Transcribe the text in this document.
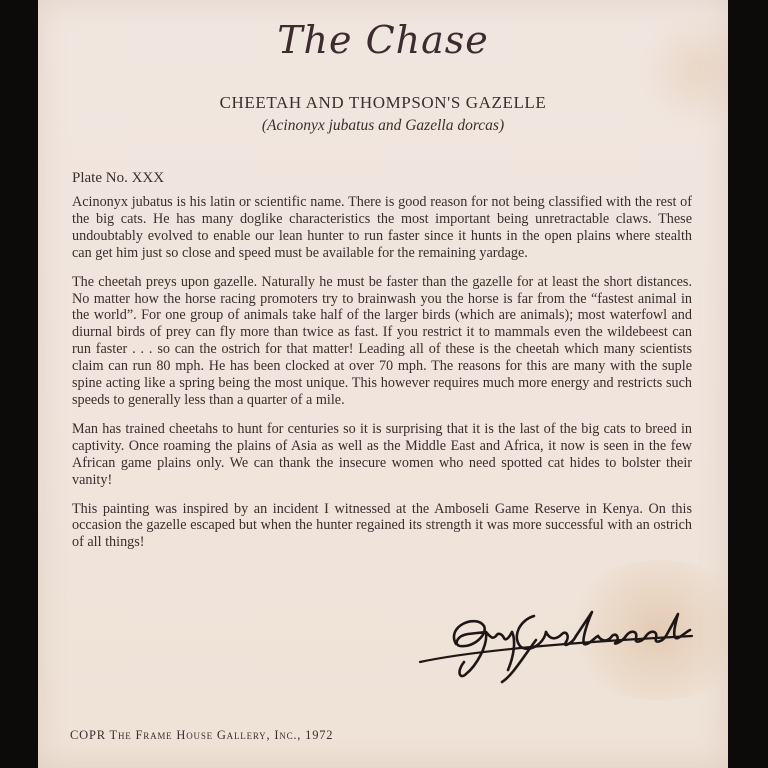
The Chase
CHEETAH AND THOMPSON'S GAZELLE
(Acinonyx jubatus and Gazella dorcas)
Plate No. XXX

Acinonyx jubatus is his latin or scientific name. There is good reason for not being classified with the rest of the big cats. He has many doglike characteristics the most important being unretractable claws. These undoubtably evolved to enable our lean hunter to run faster since it hunts in the open plains where stealth can get him just so close and speed must be available for the remaining yardage.

The cheetah preys upon gazelle. Naturally he must be faster than the gazelle for at least the short distances. No matter how the horse racing promoters try to brainwash you the horse is far from the “fastest animal in the world”. For one group of animals take half of the larger birds (which are animals); most waterfowl and diurnal birds of prey can fly more than twice as fast. If you restrict it to mammals even the wildebeest can run faster . . . so can the ostrich for that matter! Leading all of these is the cheetah which many scientists claim can run 80 mph. He has been clocked at over 70 mph. The reasons for this are many with the suple spine acting like a spring being the most unique. This however requires much more energy and restricts such speeds to generally less than a quarter of a mile.

Man has trained cheetahs to hunt for centuries so it is surprising that it is the last of the big cats to breed in captivity. Once roaming the plains of Asia as well as the Middle East and Africa, it now is seen in the few African game plains only. We can thank the insecure women who need spotted cat hides to bolster their vanity!

This painting was inspired by an incident I witnessed at the Amboseli Game Reserve in Kenya. On this occasion the gazelle escaped but when the hunter regained its strength it was more successful with an ostrich of all things!

COPR The Frame House Gallery, Inc., 1972
